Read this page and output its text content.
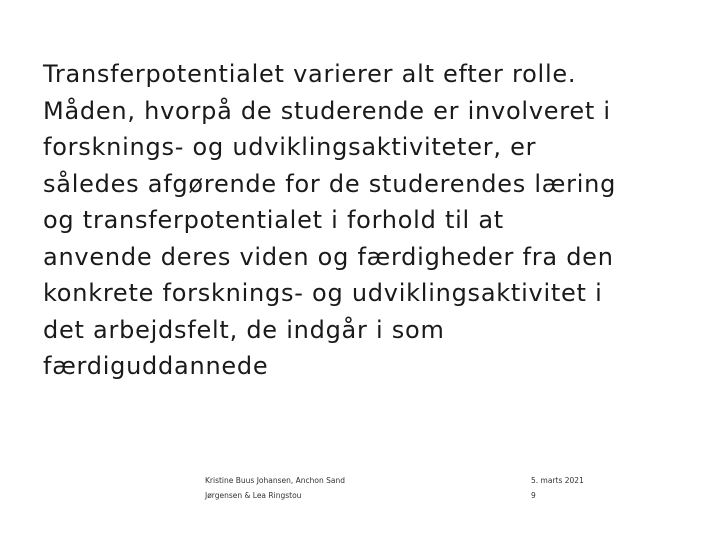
Transferpotentialet varierer alt efter rolle.
Måden, hvorpå de studerende er involveret i
forsknings- og udviklingsaktiviteter, er
således afgørende for de studerendes læring
og transferpotentialet i forhold til at
anvende deres viden og færdigheder fra den
konkrete forsknings- og udviklingsaktivitet i
det arbejdsfelt, de indgår i som
færdiguddannede
Kristine Buus Johansen, Anchon Sand
Jørgensen & Lea Ringstou
5. marts 2021
9
